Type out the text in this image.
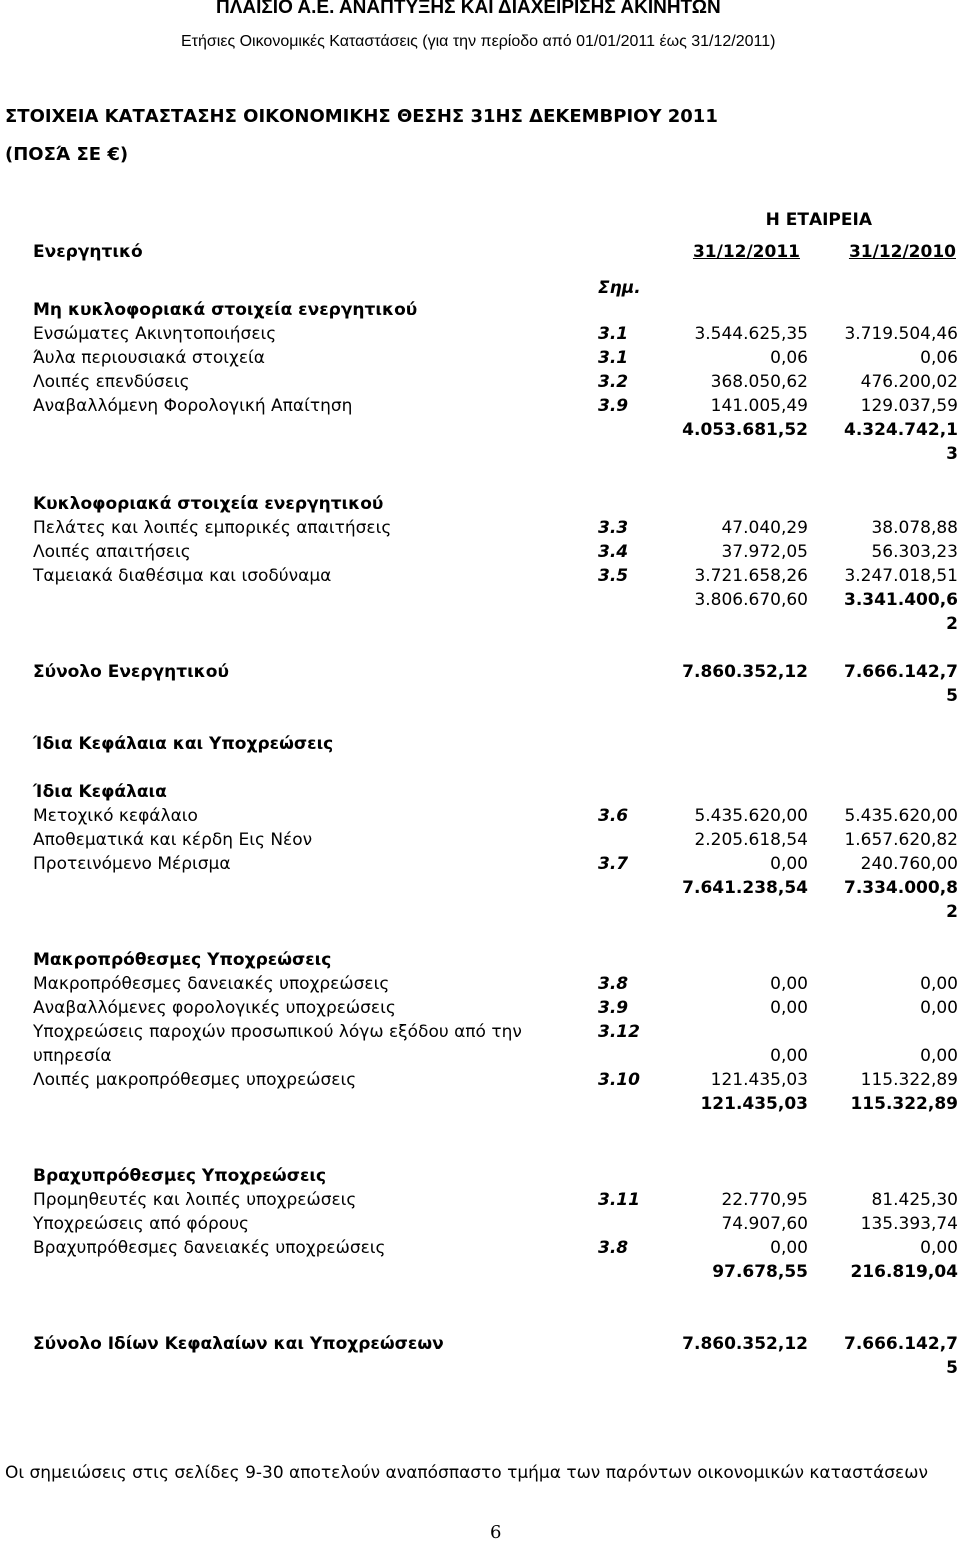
ΠΛΑΙΣΙΟ Α.Ε. ΑΝΑΠΤΥΞΗΣ ΚΑΙ ΔΙΑΧΕΙΡΙΣΗΣ ΑΚΙΝΗΤΩΝ
Ετήσιες Οικονομικές Καταστάσεις (για την περίοδο από 01/01/2011 έως 31/12/2011)
ΣΤΟΙΧΕΙΑ ΚΑΤΑΣΤΑΣΗΣ ΟΙΚΟΝΟΜΙΚΗΣ ΘΕΣΗΣ 31ΗΣ ΔΕΚΕΜΒΡΙΟΥ 2011
(ΠΟΣΆ ΣΕ €)
Η ΕΤΑΙΡΕΙΑ
Ενεργητικό	31/12/2011	31/12/2010
Σημ.
Μη κυκλοφοριακά στοιχεία ενεργητικού
Ενσώματες Ακινητοποιήσεις	3.1	3.544.625,35 3.719.504,46
Άυλα περιουσιακά στοιχεία	3.1	0,06	0,06
Λοιπές επενδύσεις	3.2	368.050,62	476.200,02
Αναβαλλόμενη Φορολογική Απαίτηση	3.9	141.005,49	129.037,59
4.053.681,52 4.324.742,1
3
Κυκλοφοριακά στοιχεία ενεργητικού
Πελάτες και λοιπές εμπορικές απαιτήσεις	3.3	47.040,29	38.078,88
Λοιπές απαιτήσεις	3.4	37.972,05	56.303,23
Ταμειακά διαθέσιμα και ισοδύναμα	3.5	3.721.658,26 3.247.018,51
3.806.670,60 3.341.400,6
2
Σύνολο Ενεργητικού	7.860.352,12 7.666.142,7
5
Ίδια Κεφάλαια και Υποχρεώσεις
Ίδια Κεφάλαια
Μετοχικό κεφάλαιο	3.6	5.435.620,00 5.435.620,00
Αποθεματικά και κέρδη Εις Νέον	2.205.618,54 1.657.620,82
Προτεινόμενο Μέρισμα	3.7	0,00	240.760,00
7.641.238,54 7.334.000,8
2
Μακροπρόθεσμες Υποχρεώσεις
Μακροπρόθεσμες δανειακές υποχρεώσεις	3.8	0,00	0,00
Αναβαλλόμενες φορολογικές υποχρεώσεις	3.9	0,00	0,00
Υποχρεώσεις παροχών προσωπικού λόγω εξόδου από την	3.12
υπηρεσία	0,00	0,00
Λοιπές μακροπρόθεσμες υποχρεώσεις	3.10	121.435,03	115.322,89
121.435,03 115.322,89
Βραχυπρόθεσμες Υποχρεώσεις
Προμηθευτές και λοιπές υποχρεώσεις	3.11	22.770,95	81.425,30
Υποχρεώσεις από φόρους	74.907,60	135.393,74
Βραχυπρόθεσμες δανειακές υποχρεώσεις	3.8	0,00	0,00
97.678,55 216.819,04
Σύνολο Ιδίων Κεφαλαίων και Υποχρεώσεων	7.860.352,12 7.666.142,7
5
Οι σημειώσεις στις σελίδες 9-30 αποτελούν αναπόσπαστο τμήμα των παρόντων οικονομικών καταστάσεων
6
